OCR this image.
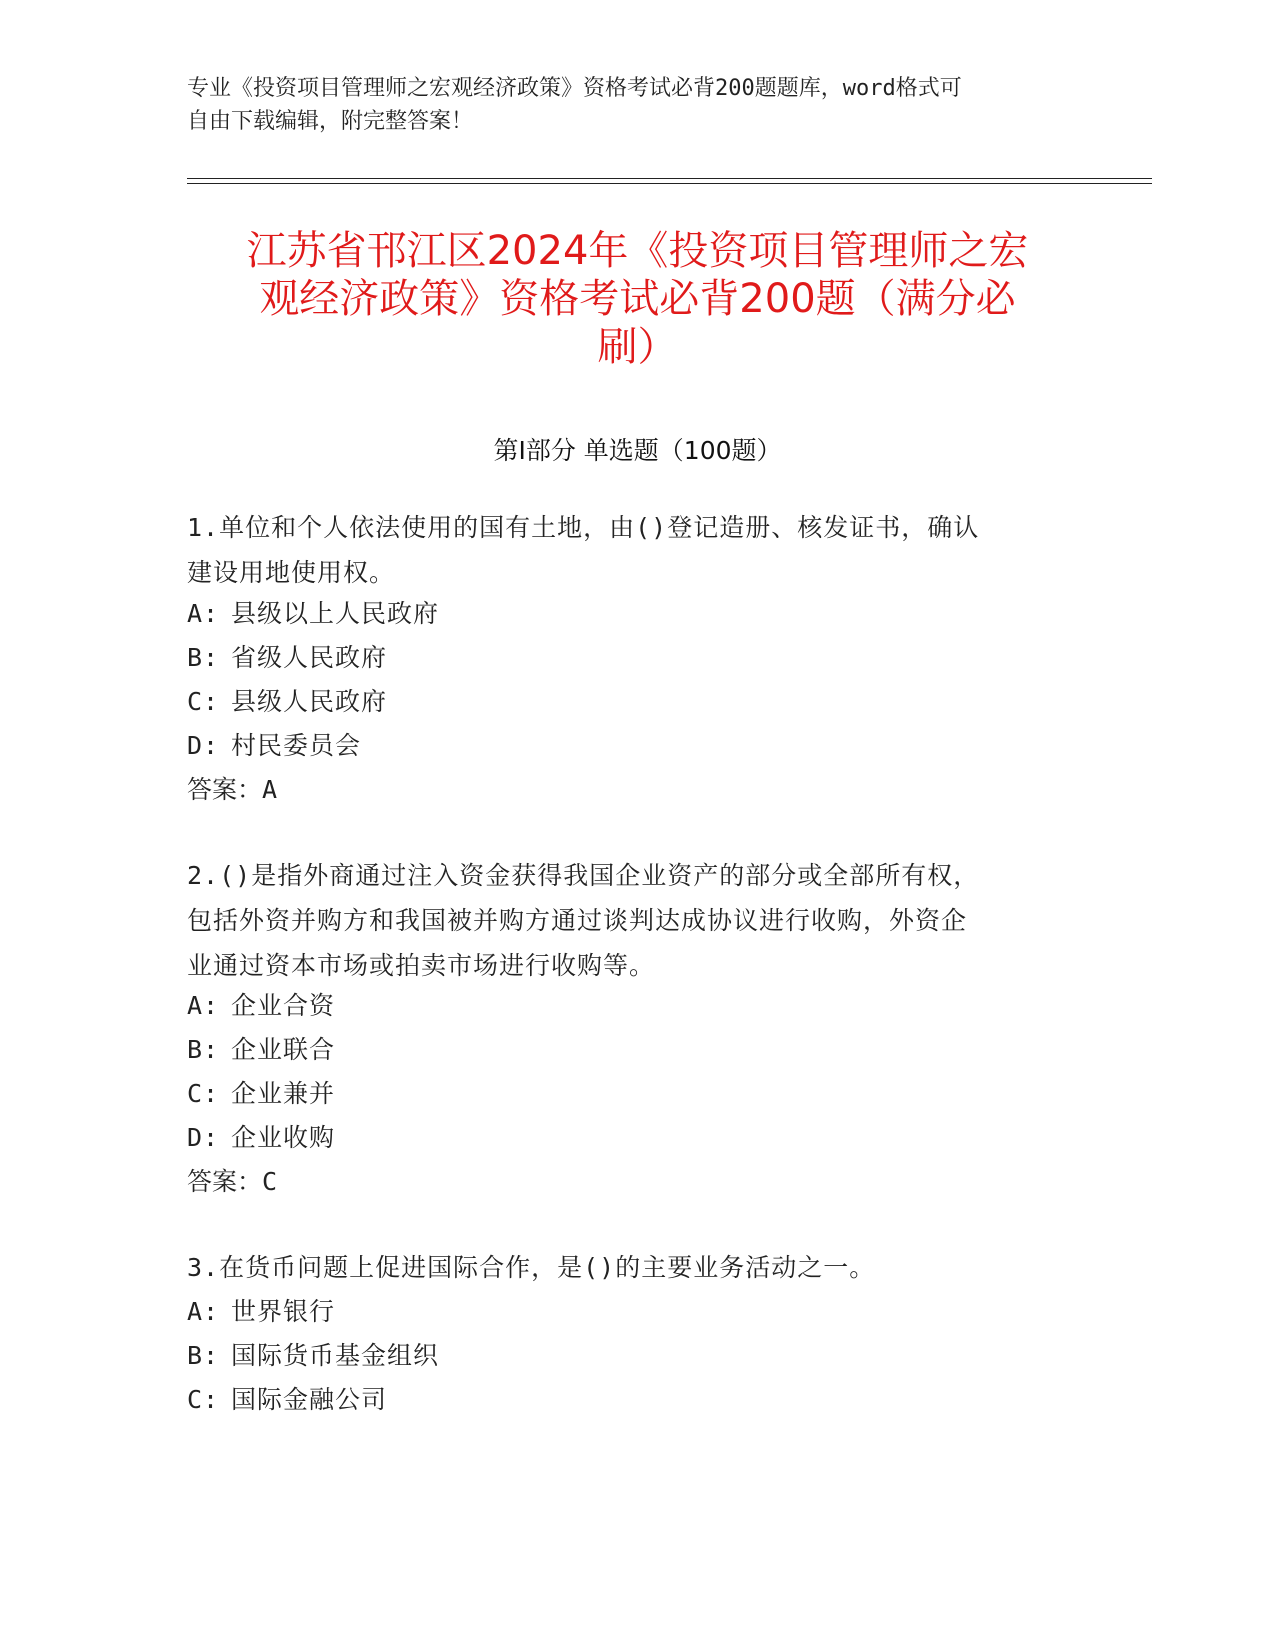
专业《投资项目管理师之宏观经济政策》资格考试必背200题题库，word格式可
自由下载编辑，附完整答案！
江苏省邗江区2024年《投资项目管理师之宏
观经济政策》资格考试必背200题（满分必
刷）
第Ⅰ部分 单选题（100题）
1.单位和个人依法使用的国有土地，由()登记造册、核发证书，确认
建设用地使用权。
A: 县级以上人民政府
B: 省级人民政府
C: 县级人民政府
D: 村民委员会
答案：A
2.()是指外商通过注入资金获得我国企业资产的部分或全部所有权，
包括外资并购方和我国被并购方通过谈判达成协议进行收购，外资企
业通过资本市场或拍卖市场进行收购等。
A: 企业合资
B: 企业联合
C: 企业兼并
D: 企业收购
答案：C
3.在货币问题上促进国际合作，是()的主要业务活动之一。
A: 世界银行
B: 国际货币基金组织
C: 国际金融公司
